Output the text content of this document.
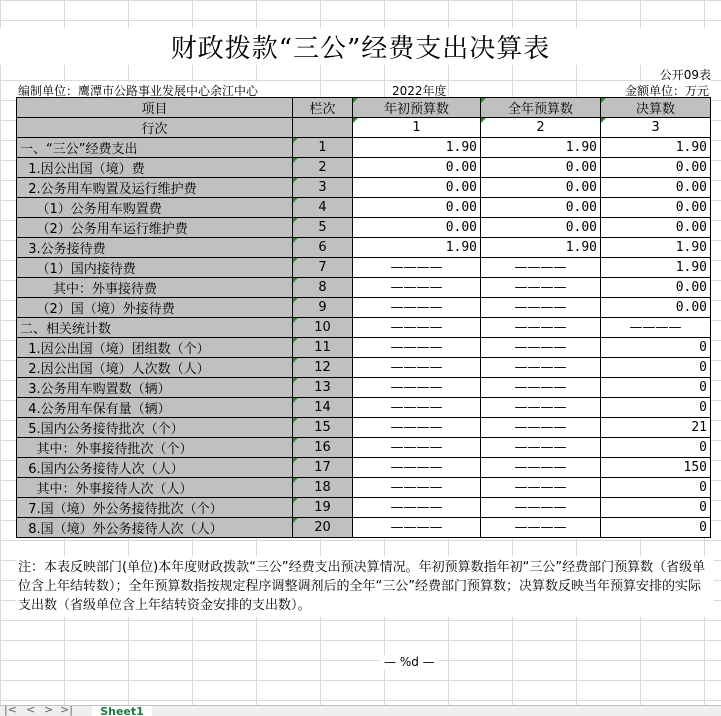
财政拨款“三公”经费支出决算表
公开09表
编制单位：鹰潭市公路事业发展中心余江中心	2022年度	金额单位：万元
项目	栏次	年初预算数	全年预算数	决算数
行次		1	2	3
一、“三公”经费支出	1	1.90	1.90	1.90
1.因公出国（境）费	2	0.00	0.00	0.00
2.公务用车购置及运行维护费	3	0.00	0.00	0.00
（1）公务用车购置费	4	0.00	0.00	0.00
（2）公务用车运行维护费	5	0.00	0.00	0.00
3.公务接待费	6	1.90	1.90	1.90
（1）国内接待费	7	————	————	1.90
其中：外事接待费	8	————	————	0.00
（2）国（境）外接待费	9	————	————	0.00
二、相关统计数	10	————	————	————
1.因公出国（境）团组数（个）	11	————	————	0
2.因公出国（境）人次数（人）	12	————	————	0
3.公务用车购置数（辆）	13	————	————	0
4.公务用车保有量（辆）	14	————	————	0
5.国内公务接待批次（个）	15	————	————	21
其中：外事接待批次（个）	16	————	————	0
6.国内公务接待人次（人）	17	————	————	150
其中：外事接待人次（人）	18	————	————	0
7.国（境）外公务接待批次（个）	19	————	————	0
8.国（境）外公务接待人次（人）	20	————	————	0
注：本表反映部门(单位)本年度财政拨款“三公”经费支出预决算情况。年初预算数指年初“三公”经费部门预算数（省级单位含上年结转数）；全年预算数指按规定程序调整调剂后的全年“三公”经费部门预算数；决算数反映当年预算安排的实际支出数（省级单位含上年结转资金安排的支出数）。
— %d —
|< < > >|	Sheet1
